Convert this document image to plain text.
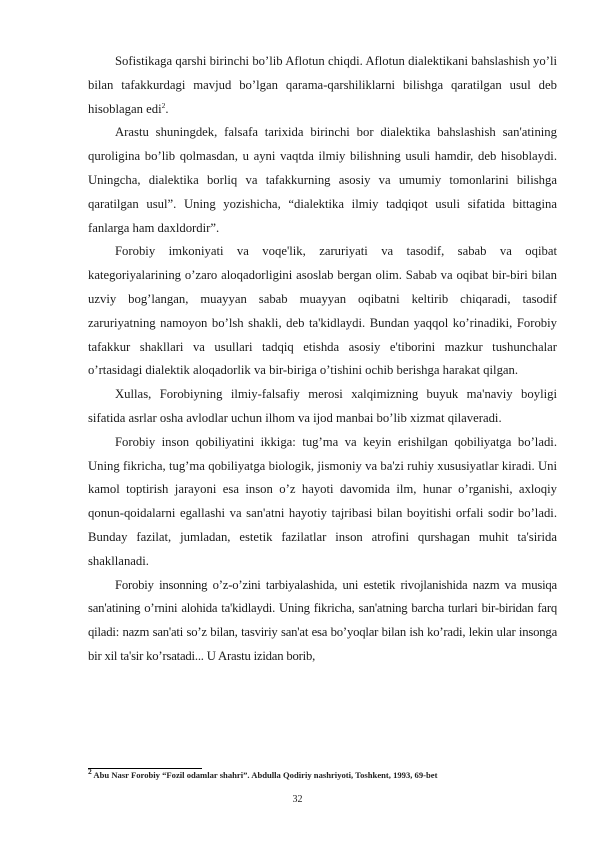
Sofistikaga qarshi birinchi bo’lib Aflotun chiqdi. Aflotun dialektikani bahslashish yo’li bilan tafakkurdagi mavjud bo’lgan qarama-qarshiliklarni bilishga qaratilgan usul deb hisoblagan edi$^2$.

Arastu shuningdek, falsafa tarixida birinchi bor dialektika bahslashish san'atining quroligina bo’lib qolmasdan, u ayni vaqtda ilmiy bilishning usuli hamdir, deb hisoblaydi. Uningcha, dialektika borliq va tafakkurning asosiy va umumiy tomonlarini bilishga qaratilgan usul”. Uning yozishicha, “dialektika ilmiy tadqiqot usuli sifatida bittagina fanlarga ham daxldordir”.

Forobiy imkoniyati va voqe'lik, zaruriyati va tasodif, sabab va oqibat kategoriyalarining o’zaro aloqadorligini asoslab bergan olim. Sabab va oqibat bir-biri bilan uzviy bog’langan, muayyan sabab muayyan oqibatni keltirib chiqaradi, tasodif zaruriyatning namoyon bo’lsh shakli, deb ta'kidlaydi. Bundan yaqqol ko’rinadiki, Forobiy tafakkur shakllari va usullari tadqiq etishda asosiy e'tiborini mazkur tushunchalar o’rtasidagi dialektik aloqadorlik va bir-biriga o’tishini ochib berishga harakat qilgan.

Xullas, Forobiyning ilmiy-falsafiy merosi xalqimizning buyuk ma'naviy boyligi sifatida asrlar osha avlodlar uchun ilhom va ijod manbai bo’lib xizmat qilaveradi.

Forobiy inson qobiliyatini ikkiga: tug’ma va keyin erishilgan qobiliyatga bo’ladi. Uning fikricha, tug’ma qobiliyatga biologik, jismoniy va ba'zi ruhiy xususiyatlar kiradi. Uni kamol toptirish jarayoni esa inson o’z hayoti davomida ilm, hunar o’rganishi, axloqiy qonun-qoidalarni egallashi va san'atni hayotiy tajribasi bilan boyitishi orfali sodir bo’ladi. Bunday fazilat, jumladan, estetik fazilatlar inson atrofini qurshagan muhit ta'sirida shakllanadi.

Forobiy insonning o’z-o’zini tarbiyalashida, uni estetik rivojlanishida nazm va musiqa san'atining o’rnini alohida ta'kidlaydi. Uning fikricha, san'atning barcha turlari bir-biridan farq qiladi: nazm san'ati so’z bilan, tasviriy san'at esa bo’yoqlar bilan ish ko’radi, lekin ular insonga bir xil ta'sir ko’rsatadi... U Arastu izidan borib,

$^2$ Abu Nasr Forobiy “Fozil odamlar shahri”. Abdulla Qodiriy nashriyoti, Toshkent, 1993, 69-bet
32
